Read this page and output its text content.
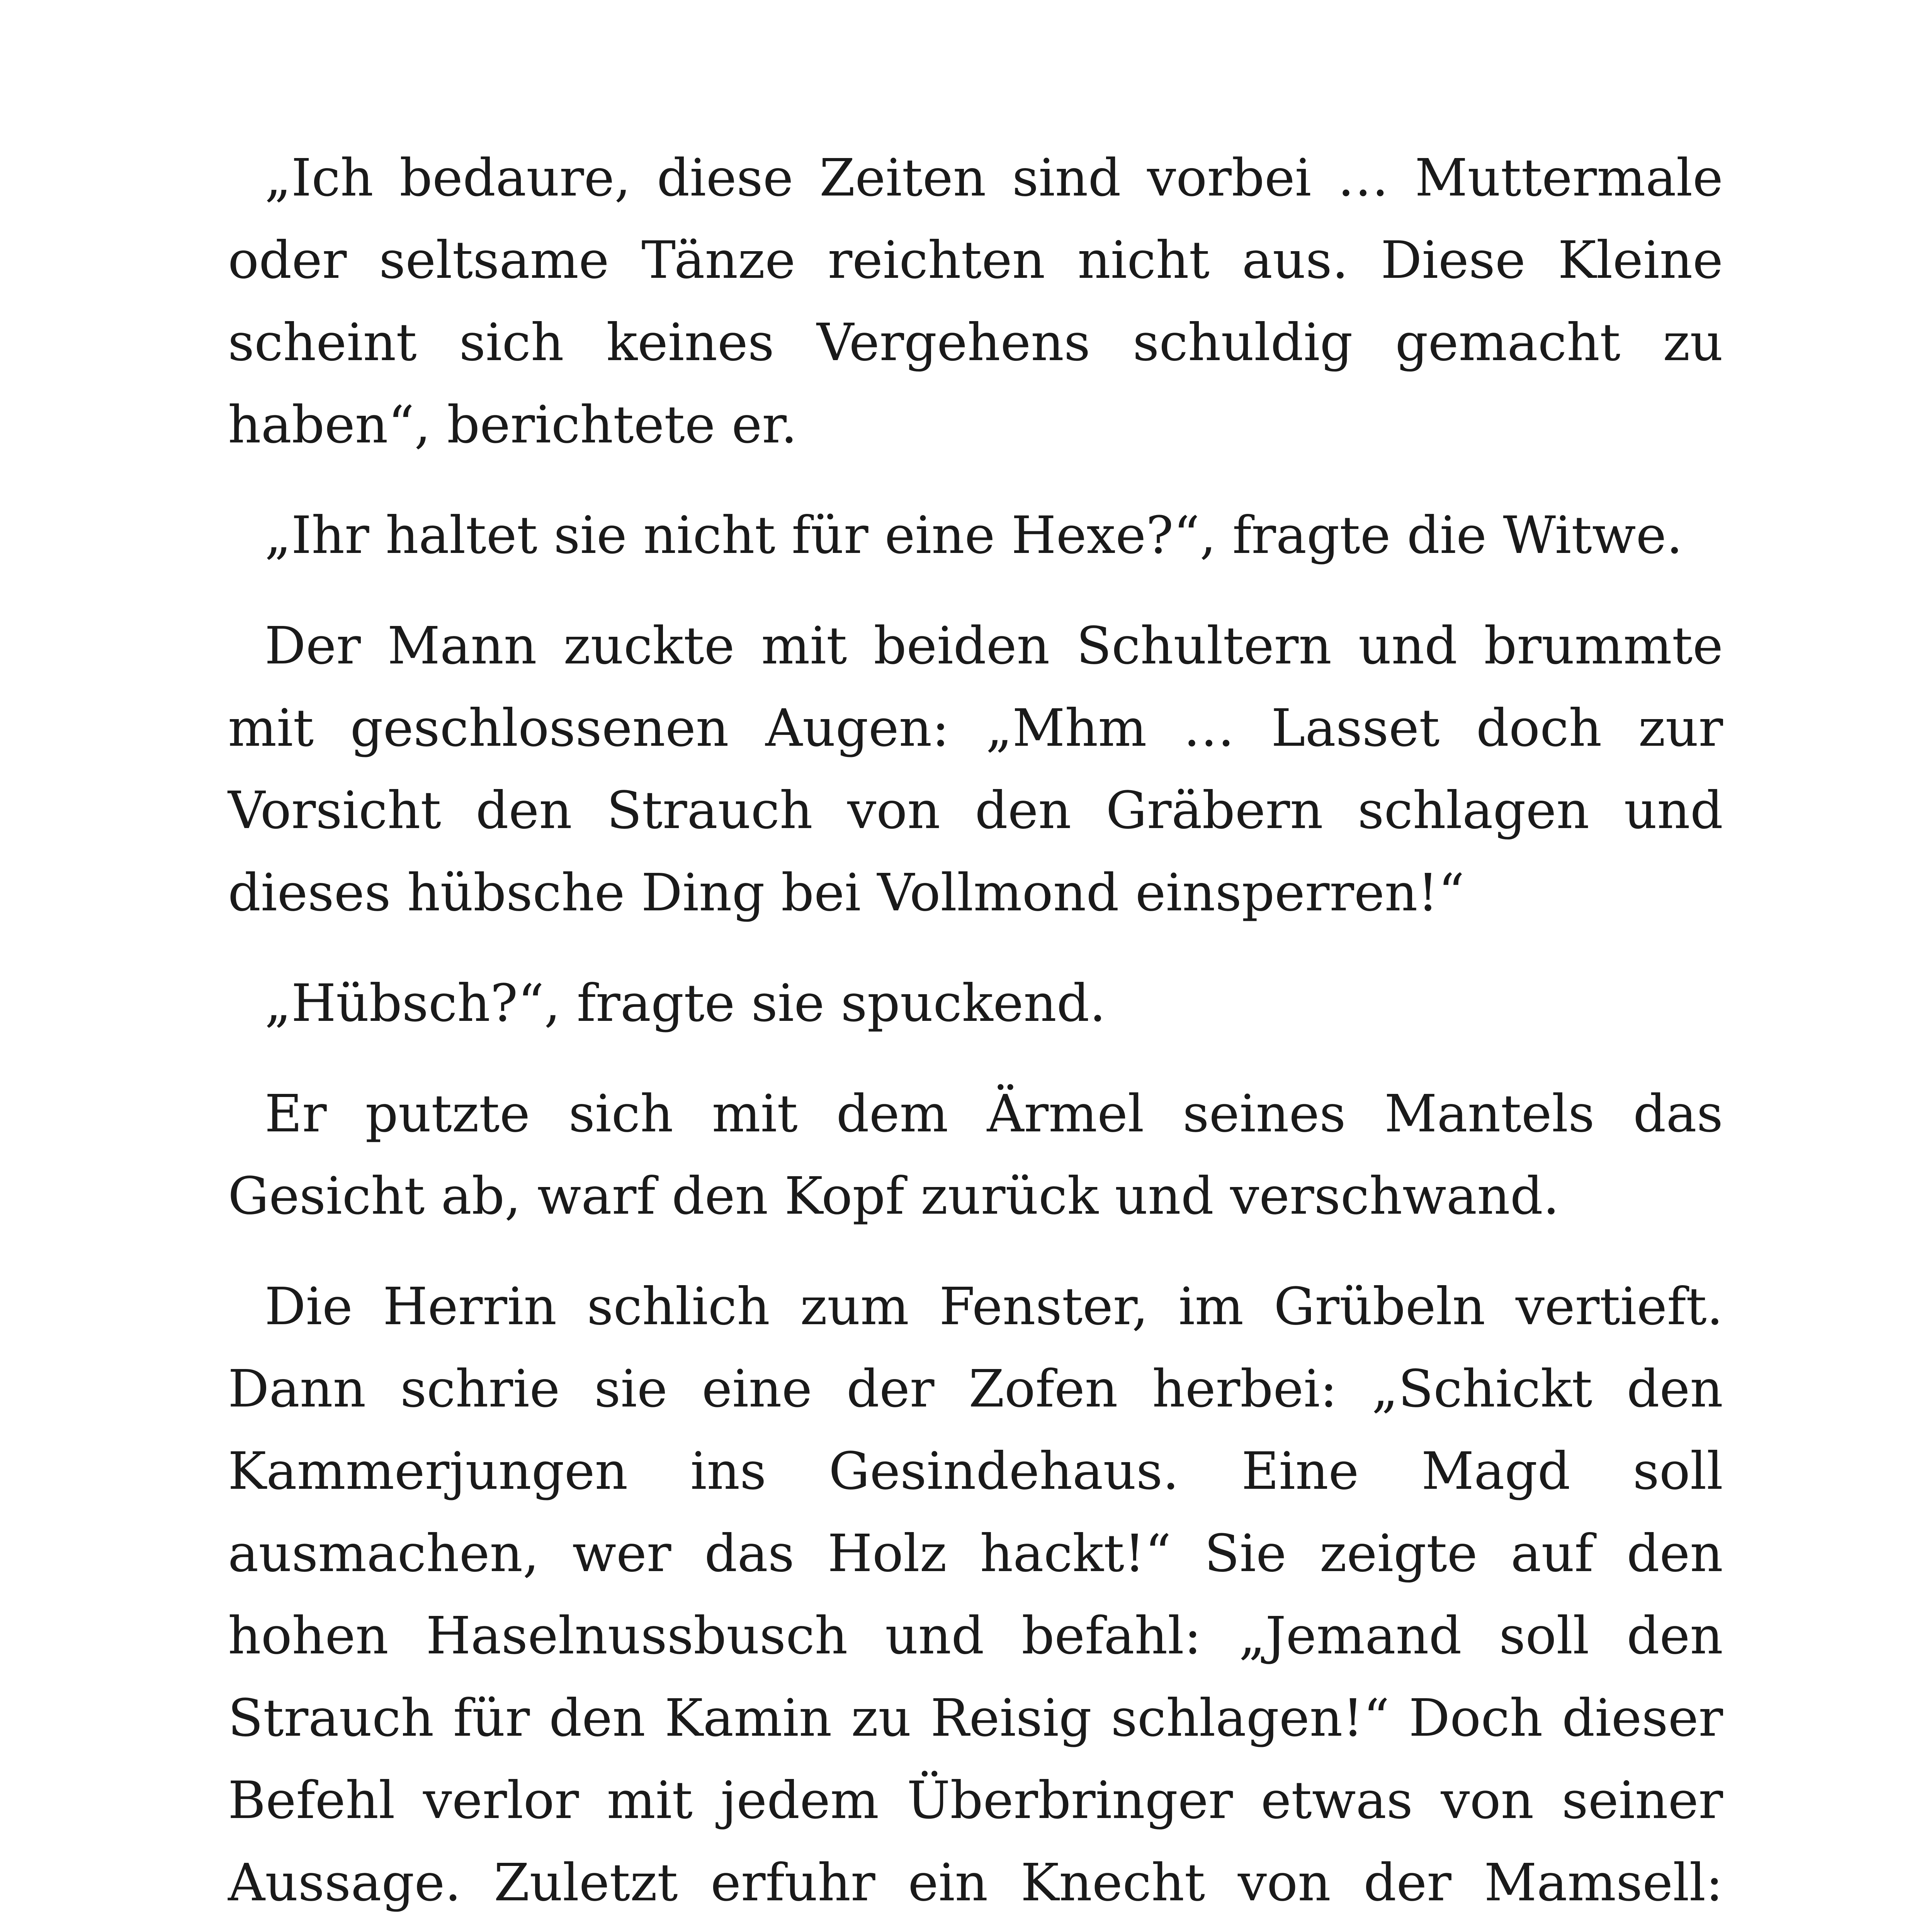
„Ich bedaure, diese Zeiten sind vorbei … Muttermale oder seltsame Tänze reichten nicht aus. Diese Kleine scheint sich keines Vergehens schuldig gemacht zu haben“, berichtete er.

„Ihr haltet sie nicht für eine Hexe?“, fragte die Witwe.

Der Mann zuckte mit beiden Schultern und brummte mit geschlossenen Augen: „Mhm … Lasset doch zur Vorsicht den Strauch von den Gräbern schlagen und dieses hübsche Ding bei Vollmond einsperren!“

„Hübsch?“, fragte sie spuckend.

Er putzte sich mit dem Ärmel seines Mantels das Gesicht ab, warf den Kopf zurück und verschwand.

Die Herrin schlich zum Fenster, im Grübeln vertieft. Dann schrie sie eine der Zofen herbei: „Schickt den Kammerjungen ins Gesindehaus. Eine Magd soll ausmachen, wer das Holz hackt!“ Sie zeigte auf den hohen Haselnussbusch und befahl: „Jemand soll den Strauch für den Kamin zu Reisig schlagen!“ Doch dieser Befehl verlor mit jedem Überbringer etwas von seiner Aussage. Zuletzt erfuhr ein Knecht von der Mamsell:
